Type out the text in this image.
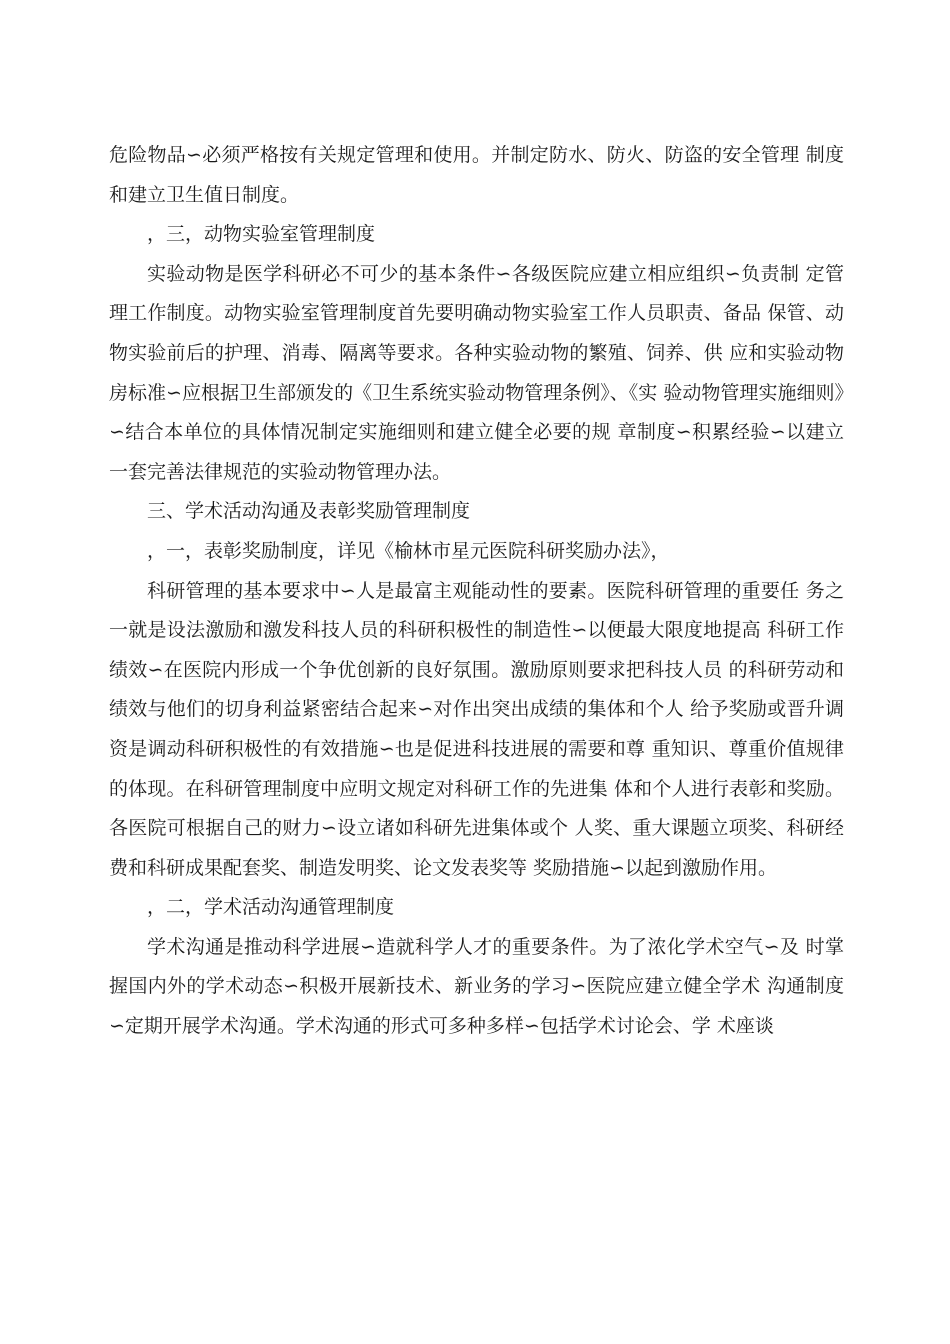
危险物品∽必须严格按有关规定管理和使用。并制定防水、防火、防盗的安全管理 制度和建立卫生值日制度。

，三，动物实验室管理制度

实验动物是医学科研必不可少的基本条件∽各级医院应建立相应组织∽负责制 定管理工作制度。动物实验室管理制度首先要明确动物实验室工作人员职责、备品 保管、动物实验前后的护理、消毒、隔离等要求。各种实验动物的繁殖、饲养、供 应和实验动物房标准∽应根据卫生部颁发的《卫生系统实验动物管理条例》、《实 验动物管理实施细则》∽结合本单位的具体情况制定实施细则和建立健全必要的规 章制度∽积累经验∽以建立一套完善法律规范的实验动物管理办法。

三、学术活动沟通及表彰奖励管理制度

，一，表彰奖励制度，详见《榆林市星元医院科研奖励办法》，

科研管理的基本要求中∽人是最富主观能动性的要素。医院科研管理的重要任 务之一就是设法激励和激发科技人员的科研积极性的制造性∽以便最大限度地提高 科研工作绩效∽在医院内形成一个争优创新的良好氛围。激励原则要求把科技人员 的科研劳动和绩效与他们的切身利益紧密结合起来∽对作出突出成绩的集体和个人 给予奖励或晋升调资是调动科研积极性的有效措施∽也是促进科技进展的需要和尊 重知识、尊重价值规律的体现。在科研管理制度中应明文规定对科研工作的先进集 体和个人进行表彰和奖励。各医院可根据自己的财力∽设立诸如科研先进集体或个 人奖、重大课题立项奖、科研经费和科研成果配套奖、制造发明奖、论文发表奖等 奖励措施∽以起到激励作用。

，二，学术活动沟通管理制度

学术沟通是推动科学进展∽造就科学人才的重要条件。为了浓化学术空气∽及 时掌握国内外的学术动态∽积极开展新技术、新业务的学习∽医院应建立健全学术 沟通制度∽定期开展学术沟通。学术沟通的形式可多种多样∽包括学术讨论会、学 术座谈
